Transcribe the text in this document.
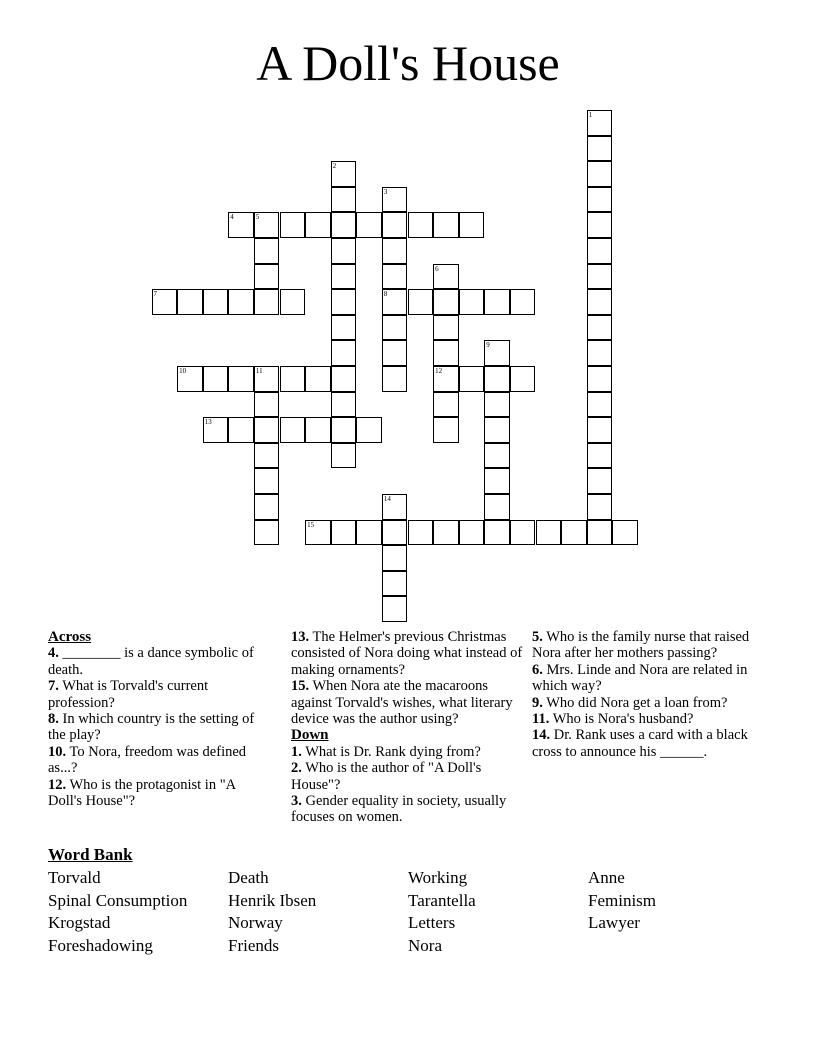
A Doll's House
1
2
3
8
4	5
6
12
7
9
10	11
13
14
15
Across
4. ________ is a dance symbolic of death.
7. What is Torvald's current profession?
8. In which country is the setting of the play?
10. To Nora, freedom was defined as...?
12. Who is the protagonist in "A Doll's House"?
13. The Helmer's previous Christmas consisted of Nora doing what instead of making ornaments?
15. When Nora ate the macaroons against Torvald's wishes, what literary device was the author using?
Down
1. What is Dr. Rank dying from?
2. Who is the author of "A Doll's House"?
3. Gender equality in society, usually focuses on women.
5. Who is the family nurse that raised Nora after her mothers passing?
6. Mrs. Linde and Nora are related in which way?
9. Who did Nora get a loan from?
11. Who is Nora's husband?
14. Dr. Rank uses a card with a black cross to announce his ______.
Word Bank
Torvald
Spinal Consumption
Krogstad
Foreshadowing
Death
Henrik Ibsen
Norway
Friends
Working
Tarantella
Letters
Nora
Anne
Feminism
Lawyer
